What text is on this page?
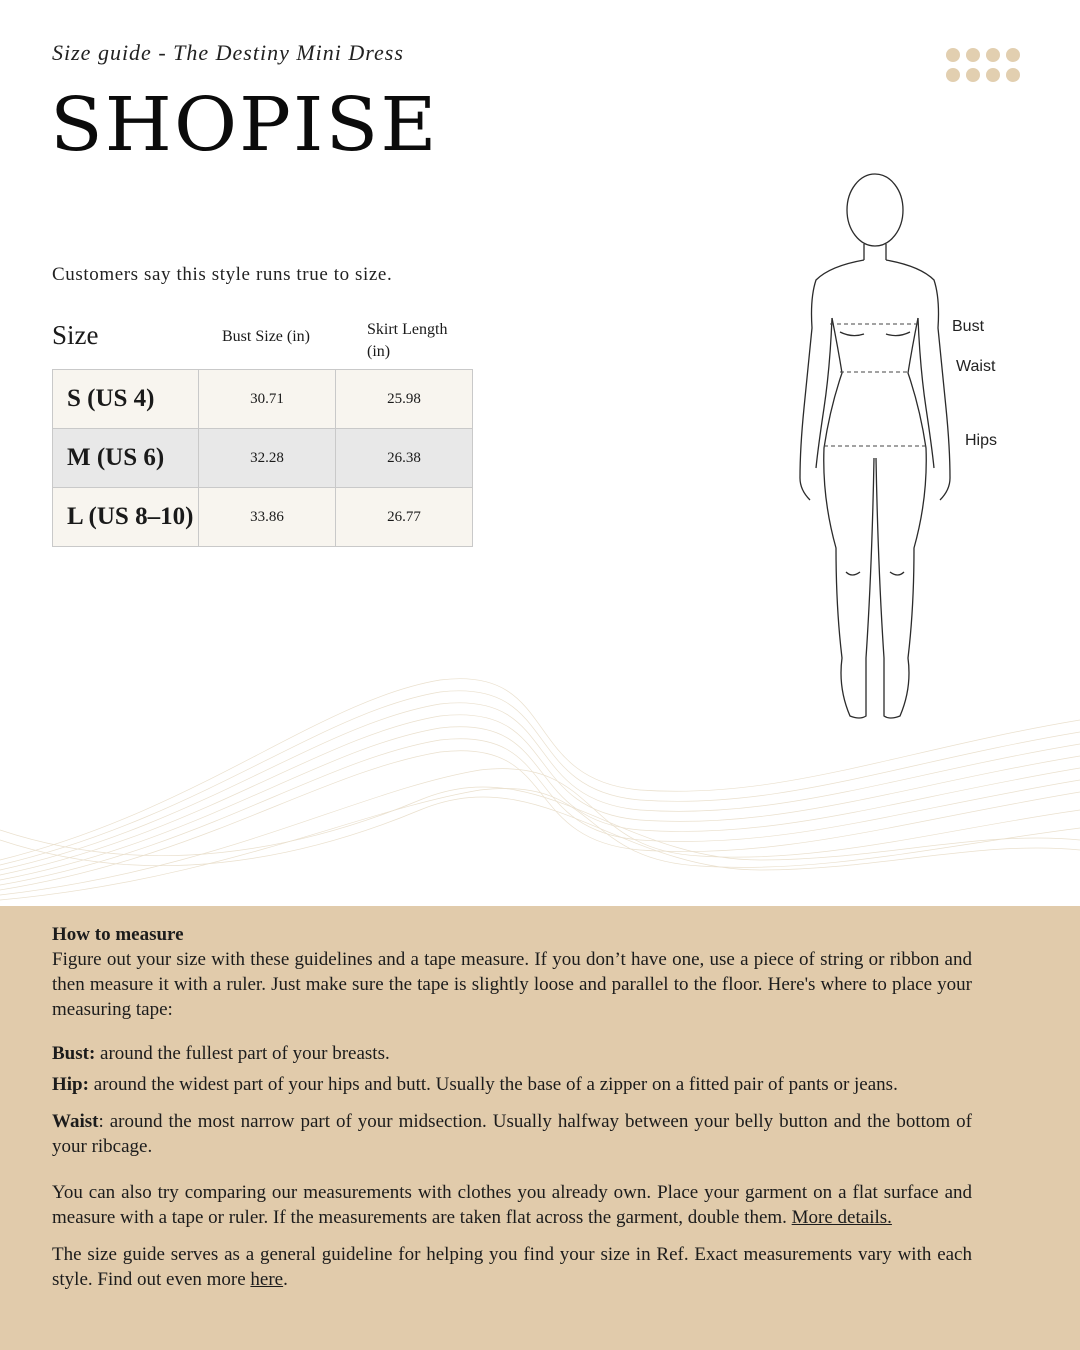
Size guide - The Destiny Mini Dress
SHOPISE
Customers say this style runs true to size.
Size	Bust Size (in)	Skirt Length (in)
S (US 4)	30.71	25.98
M (US 6)	32.28	26.38
L (US 8–10)	33.86	26.77
Bust
Waist
Hips

How to measure

Figure out your size with these guidelines and a tape measure. If you don’t have one, use a piece of string or ribbon and then measure it with a ruler. Just make sure the tape is slightly loose and parallel to the floor. Here's where to place your measuring tape:

Bust: around the fullest part of your breasts.

Hip: around the widest part of your hips and butt. Usually the base of a zipper on a fitted pair of pants or jeans.

Waist: around the most narrow part of your midsection. Usually halfway between your belly button and the bottom of your ribcage.

You can also try comparing our measurements with clothes you already own. Place your garment on a flat surface and measure with a tape or ruler. If the measurements are taken flat across the garment, double them. More details.

The size guide serves as a general guideline for helping you find your size in Ref. Exact measurements vary with each style. Find out even more here.
